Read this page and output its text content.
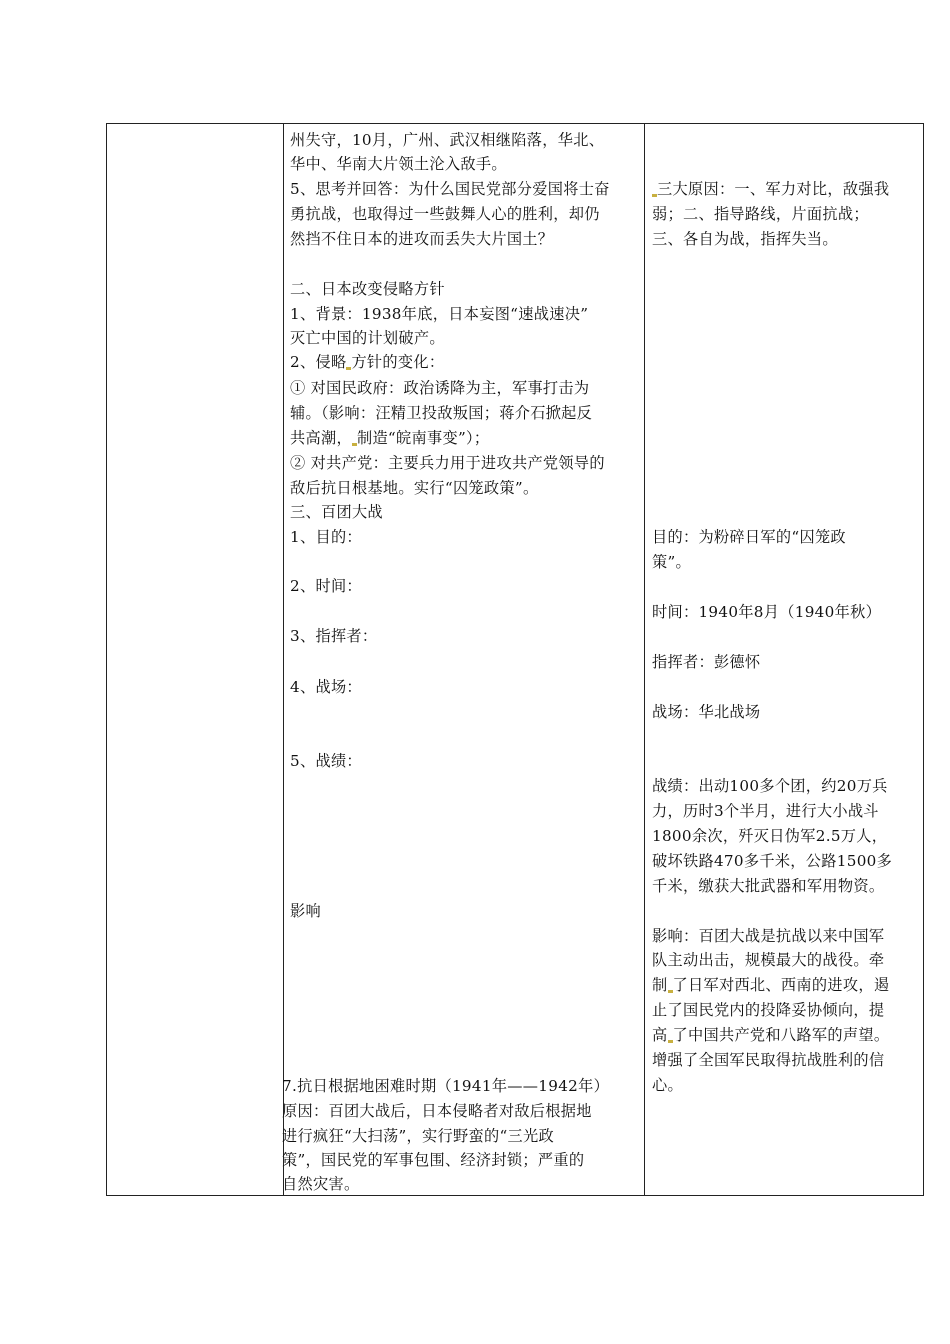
州失守，10月，广州、武汉相继陷落，华北、
华中、华南大片领土沦入敌手。
5、思考并回答：为什么国民党部分爱国将士奋
勇抗战，也取得过一些鼓舞人心的胜利，却仍
然挡不住日本的进攻而丢失大片国土？
二、日本改变侵略方针
1、背景：1938年底，日本妄图“速战速决”
灭亡中国的计划破产。
2、侵略 方针的变化：
① 对国民政府：政治诱降为主，军事打击为
辅。（影响：汪精卫投敌叛国；蒋介石掀起反
共高潮， 制造“皖南事变”）；
② 对共产党：主要兵力用于进攻共产党领导的
敌后抗日根基地。实行“囚笼政策”。
三、百团大战
1、目的：
2、时间：
3、指挥者：
4、战场：
5、战绩：
影响
7.抗日根据地困难时期（1941年——1942年）
原因：百团大战后，日本侵略者对敌后根据地
进行疯狂“大扫荡”，实行野蛮的“三光政
策”，国民党的军事包围、经济封锁；严重的
自然灾害。
三大原因：一、军力对比，敌强我
弱；二、指导路线，片面抗战；
三、各自为战，指挥失当。
目的：为粉碎日军的“囚笼政
策”。
时间：1940年8月（1940年秋）
指挥者：彭德怀
战场：华北战场
战绩：出动100多个团，约20万兵
力，历时3个半月，进行大小战斗
1800余次，歼灭日伪军2.5万人，
破坏铁路470多千米，公路1500多
千米，缴获大批武器和军用物资。
影响：百团大战是抗战以来中国军
队主动出击，规模最大的战役。牵
制 了日军对西北、西南的进攻，遏
止了国民党内的投降妥协倾向，提
高 了中国共产党和八路军的声望。
增强了全国军民取得抗战胜利的信
心。
